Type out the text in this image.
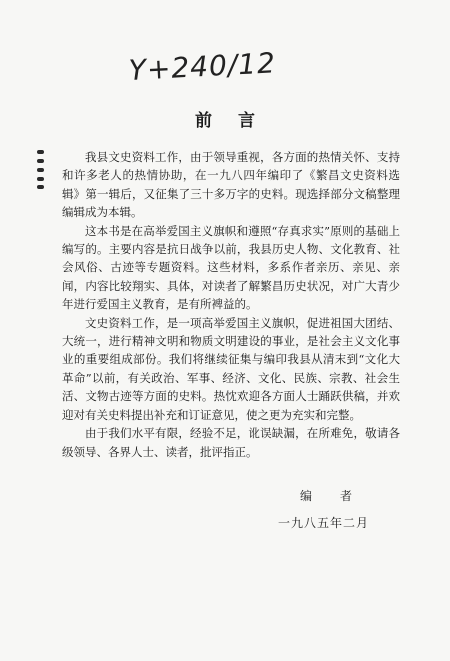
Y+240/12
前言

我县文史资料工作，由于领导重视，各方面的热情关怀、支持和许多老人的热情协助，在一九八四年编印了《繁昌文史资料选辑》第一辑后，又征集了三十多万字的史料。现选择部分文稿整理编辑成为本辑。

这本书是在高举爱国主义旗帜和遵照“存真求实”原则的基础上编写的。主要内容是抗日战争以前，我县历史人物、文化教育、社会风俗、古迹等专题资料。这些材料，多系作者亲历、亲见、亲闻，内容比较翔实、具体，对读者了解繁昌历史状况，对广大青少年进行爱国主义教育，是有所裨益的。

文史资料工作，是一项高举爱国主义旗帜，促进祖国大团结、大统一，进行精神文明和物质文明建设的事业，是社会主义文化事业的重要组成部份。我们将继续征集与编印我县从清末到“文化大革命”以前，有关政治、军事、经济、文化、民族、宗教、社会生活、文物古迹等方面的史料。热忱欢迎各方面人士踊跃供稿，并欢迎对有关史料提出补充和订证意见，使之更为充实和完整。

由于我们水平有限，经验不足，讹误缺漏，在所难免，敬请各级领导、各界人士、读者，批评指正。

编者
一九八五年二月
